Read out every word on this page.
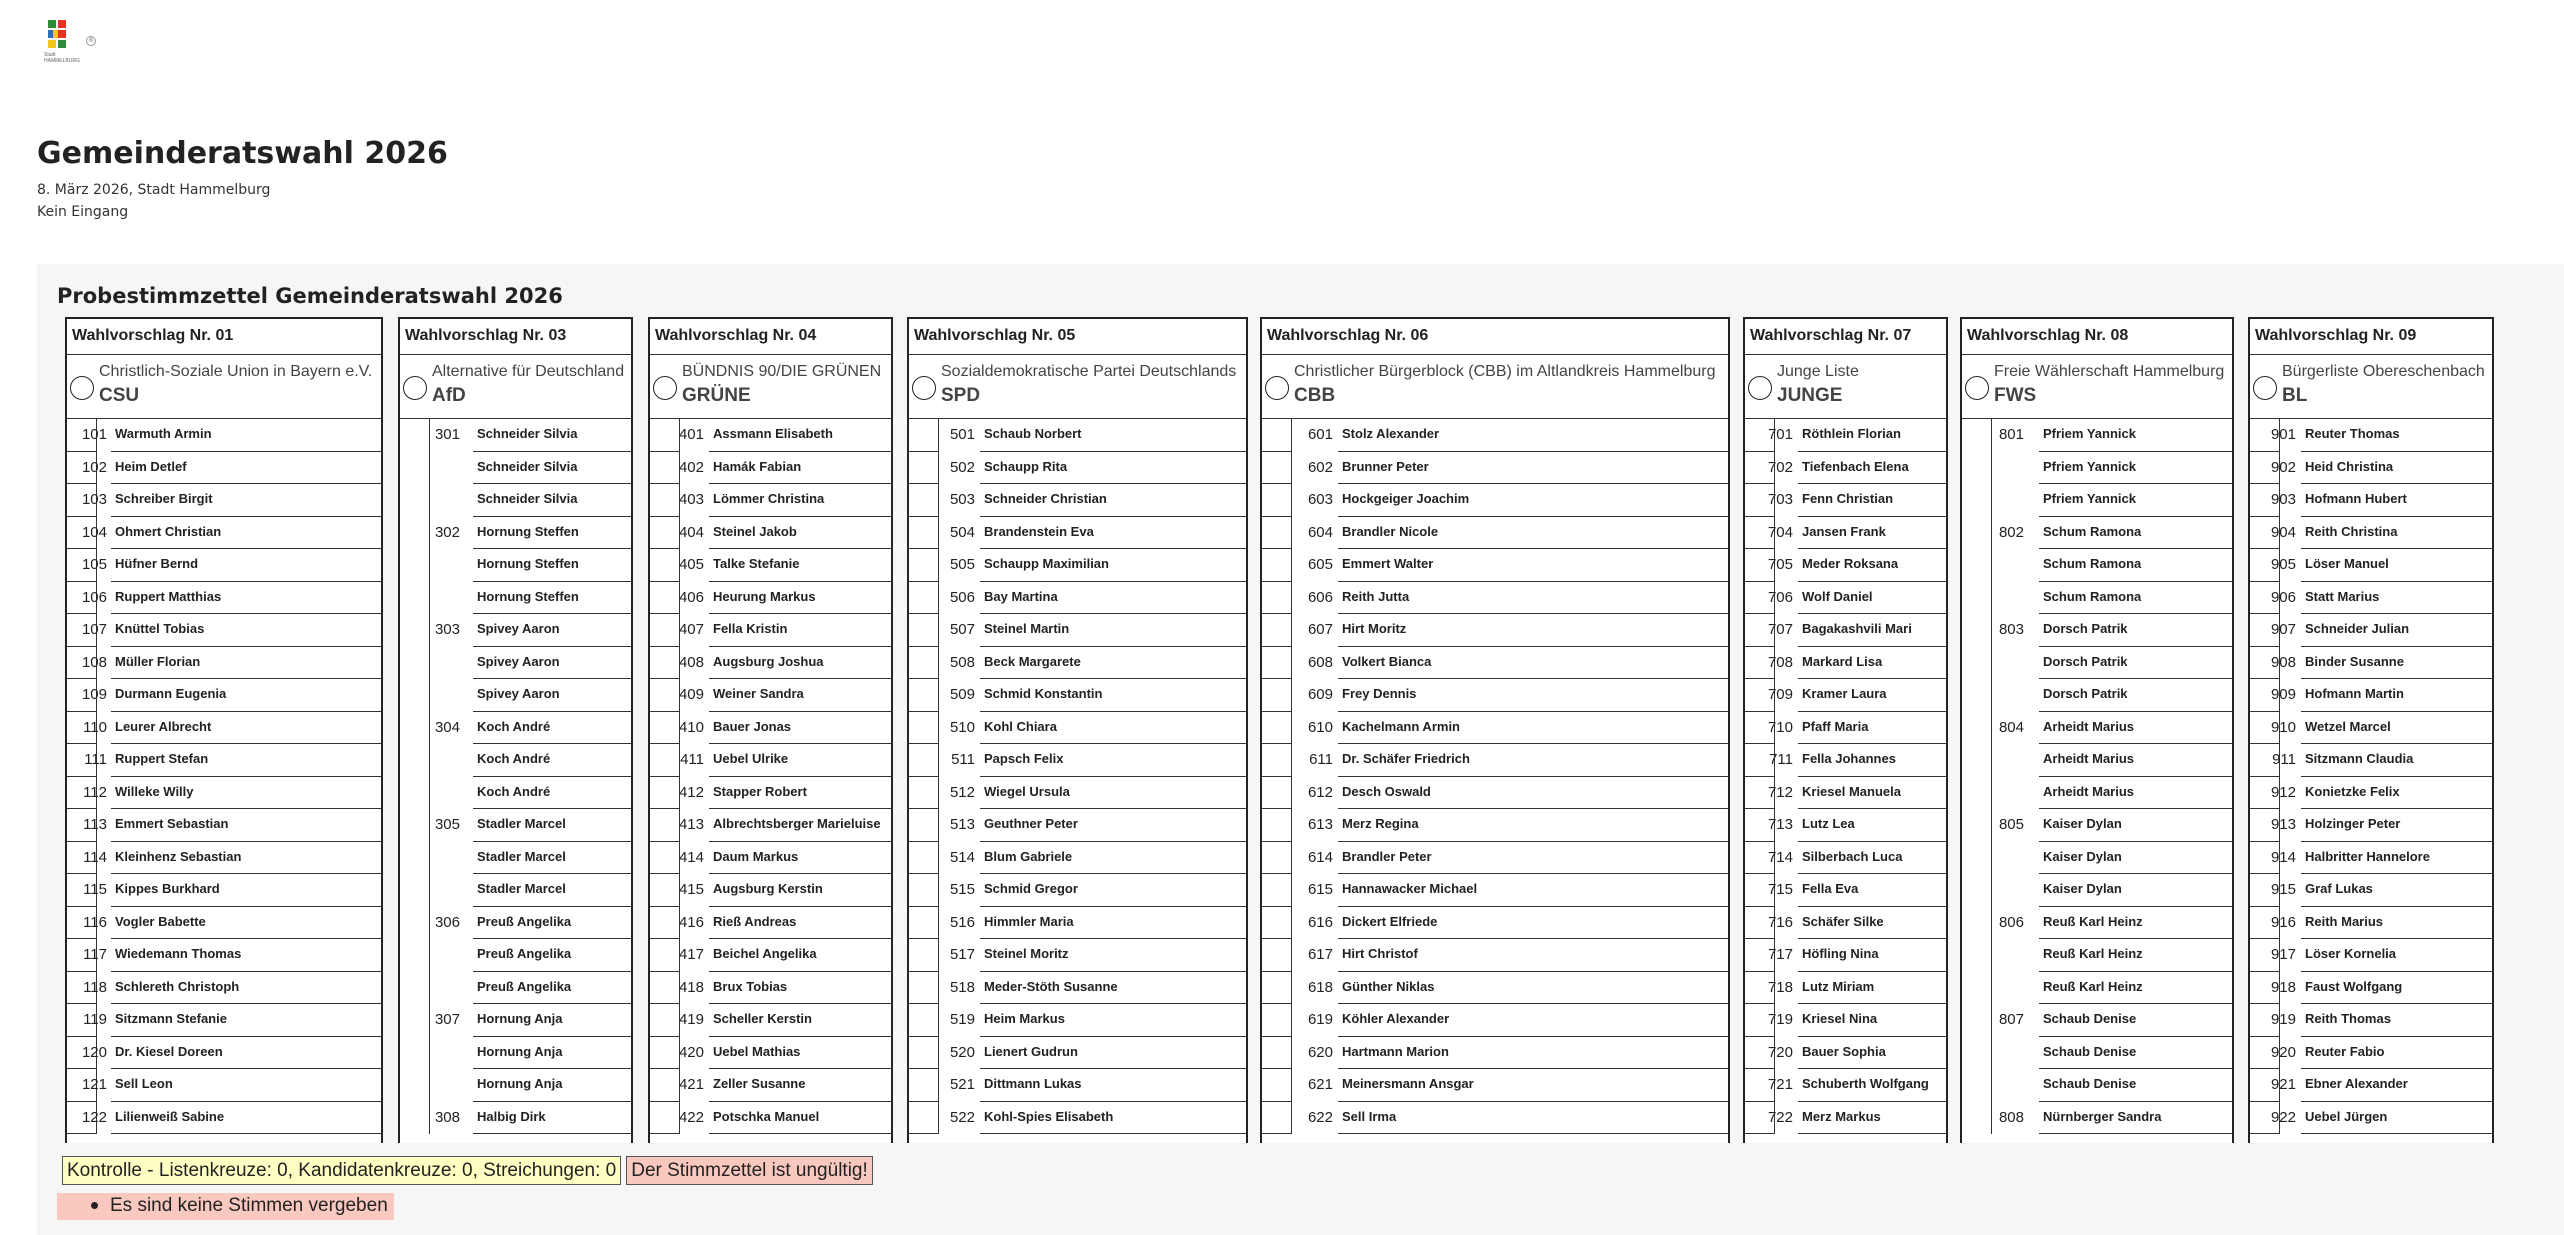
®
Stadt
HAMMELBURG
Gemeinderatswahl 2026
8. März 2026, Stadt Hammelburg
Kein Eingang
Probestimmzettel Gemeinderatswahl 2026
Wahlvorschlag Nr. 01
Christlich-Soziale Union in Bayern e.V.
CSU
101 Warmuth Armin
102 Heim Detlef
103 Schreiber Birgit
104 Ohmert Christian
105 Hüfner Bernd
106 Ruppert Matthias
107 Knüttel Tobias
108 Müller Florian
109 Durmann Eugenia
110 Leurer Albrecht
111 Ruppert Stefan
112 Willeke Willy
113 Emmert Sebastian
114 Kleinhenz Sebastian
115 Kippes Burkhard
116 Vogler Babette
117 Wiedemann Thomas
118 Schlereth Christoph
119 Sitzmann Stefanie
120 Dr. Kiesel Doreen
121 Sell Leon
122 Lilienweiß Sabine
Wahlvorschlag Nr. 03
Alternative für Deutschland
AfD
301	Schneider Silvia
Schneider Silvia
Schneider Silvia
302	Hornung Steffen
Hornung Steffen
Hornung Steffen
303	Spivey Aaron
Spivey Aaron
Spivey Aaron
304	Koch André
Koch André
Koch André
305	Stadler Marcel
Stadler Marcel
Stadler Marcel
306	Preuß Angelika
Preuß Angelika
Preuß Angelika
307	Hornung Anja
Hornung Anja
Hornung Anja
308	Halbig Dirk
Wahlvorschlag Nr. 04
BÜNDNIS 90/DIE GRÜNEN
GRÜNE
401 Assmann Elisabeth
402 Hamák Fabian
403 Lömmer Christina
404 Steinel Jakob
405 Talke Stefanie
406 Heurung Markus
407 Fella Kristin
408 Augsburg Joshua
409 Weiner Sandra
410 Bauer Jonas
411 Uebel Ulrike
412 Stapper Robert
413 Albrechtsberger Marieluise
414 Daum Markus
415 Augsburg Kerstin
416 Rieß Andreas
417 Beichel Angelika
418 Brux Tobias
419 Scheller Kerstin
420 Uebel Mathias
421 Zeller Susanne
422 Potschka Manuel
Wahlvorschlag Nr. 05
Sozialdemokratische Partei Deutschlands
SPD
501 Schaub Norbert
502 Schaupp Rita
503 Schneider Christian
504 Brandenstein Eva
505 Schaupp Maximilian
506 Bay Martina
507 Steinel Martin
508 Beck Margarete
509 Schmid Konstantin
510 Kohl Chiara
511 Papsch Felix
512 Wiegel Ursula
513 Geuthner Peter
514 Blum Gabriele
515 Schmid Gregor
516 Himmler Maria
517 Steinel Moritz
518 Meder-Stöth Susanne
519 Heim Markus
520 Lienert Gudrun
521 Dittmann Lukas
522 Kohl-Spies Elisabeth
Wahlvorschlag Nr. 06
Christlicher Bürgerblock (CBB) im Altlandkreis Hammelburg
CBB
601 Stolz Alexander
602 Brunner Peter
603 Hockgeiger Joachim
604 Brandler Nicole
605 Emmert Walter
606 Reith Jutta
607 Hirt Moritz
608 Volkert Bianca
609 Frey Dennis
610 Kachelmann Armin
611 Dr. Schäfer Friedrich
612 Desch Oswald
613 Merz Regina
614 Brandler Peter
615 Hannawacker Michael
616 Dickert Elfriede
617 Hirt Christof
618 Günther Niklas
619 Köhler Alexander
620 Hartmann Marion
621 Meinersmann Ansgar
622 Sell Irma
Wahlvorschlag Nr. 07
Junge Liste
JUNGE
701 Röthlein Florian
702 Tiefenbach Elena
703 Fenn Christian
704 Jansen Frank
705 Meder Roksana
706 Wolf Daniel
707 Bagakashvili Mari
708 Markard Lisa
709 Kramer Laura
710 Pfaff Maria
711 Fella Johannes
712 Kriesel Manuela
713 Lutz Lea
714 Silberbach Luca
715 Fella Eva
716 Schäfer Silke
717 Höfling Nina
718 Lutz Miriam
719 Kriesel Nina
720 Bauer Sophia
721 Schuberth Wolfgang
722 Merz Markus
Wahlvorschlag Nr. 08
Freie Wählerschaft Hammelburg
FWS
801	Pfriem Yannick
Pfriem Yannick
Pfriem Yannick
802	Schum Ramona
Schum Ramona
Schum Ramona
803	Dorsch Patrik
Dorsch Patrik
Dorsch Patrik
804	Arheidt Marius
Arheidt Marius
Arheidt Marius
805	Kaiser Dylan
Kaiser Dylan
Kaiser Dylan
806	Reuß Karl Heinz
Reuß Karl Heinz
Reuß Karl Heinz
807	Schaub Denise
Schaub Denise
Schaub Denise
808	Nürnberger Sandra
Wahlvorschlag Nr. 09
Bürgerliste Obereschenbach
BL
901 Reuter Thomas
902 Heid Christina
903 Hofmann Hubert
904 Reith Christina
905 Löser Manuel
906 Statt Marius
907 Schneider Julian
908 Binder Susanne
909 Hofmann Martin
910 Wetzel Marcel
911 Sitzmann Claudia
912 Konietzke Felix
913 Holzinger Peter
914 Halbritter Hannelore
915 Graf Lukas
916 Reith Marius
917 Löser Kornelia
918 Faust Wolfgang
919 Reith Thomas
920 Reuter Fabio
921 Ebner Alexander
922 Uebel Jürgen
Kontrolle - Listenkreuze: 0, Kandidatenkreuze: 0, Streichungen: 0 Der Stimmzettel ist ungültig!
Es sind keine Stimmen vergeben
